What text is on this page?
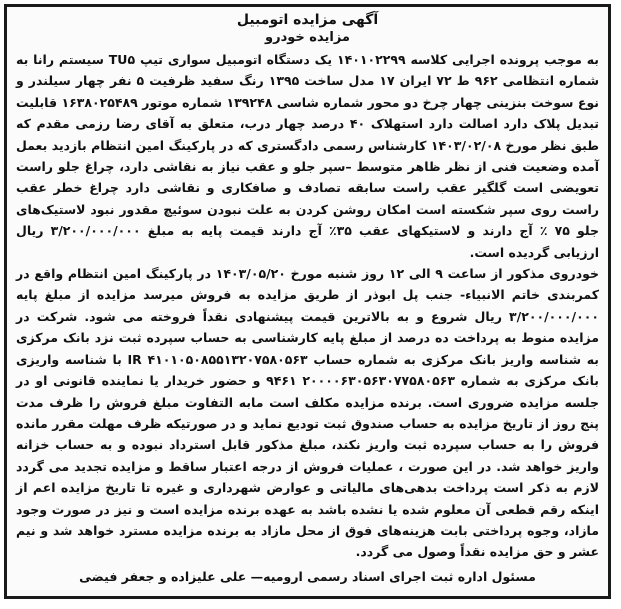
آگهی مزایده اتومبیل
مزایده خودرو

به موجب پرونده اجرایی کلاسه ۱۴۰۱۰۲۲۹۹ یک دستگاه اتومبیل سواری تیپ TU۵ سیستم رانا به شماره انتظامی ۹۶۲ ط ۷۲ ایران ۱۷ مدل ساخت ۱۳۹۵ رنگ سفید ظرفیت ۵ نفر چهار سیلندر و نوع سوخت بنزینی چهار چرخ دو محور شماره شاسی ۱۳۹۲۴۸ شماره موتور ۱۶۳۸۰۲۵۴۸۹ قابلیت تبدیل پلاک دارد اصالت دارد استهلاک ۴۰ درصد چهار درب، متعلق به آقای رضا رزمی مقدم که طبق نظر مورخ ۱۴۰۳/۰۲/۰۸ کارشناس رسمی دادگستری که در پارکینگ امین انتظام بازدید بعمل آمده وضعیت فنی از نظر ظاهر متوسط –سپر جلو و عقب نیاز به نقاشی دارد، چراغ جلو راست تعویضی است گلگیر عقب راست سابقه تصادف و صافکاری و نقاشی دارد چراغ خطر عقب راست روی سپر شکسته است امکان روشن کردن به علت نبودن سوئیچ مقدور نبود لاستیک‌های جلو ۷۵ ٪ آج دارند و لاستیکهای عقب ۳۵٪ آج دارند قیمت پایه به مبلغ ۳/۲۰۰/۰۰۰/۰۰۰ ریال ارزیابی گردیده است.

خودروی مذکور از ساعت ۹ الی ۱۲ روز شنبه مورخ ۱۴۰۳/۰۵/۲۰ در پارکینگ امین انتظام واقع در کمربندی خاتم الانبیاء- جنب پل ابوذر از طریق مزایده به فروش میرسد مزایده از مبلغ پایه ۳/۲۰۰/۰۰۰/۰۰۰ ریال شروع و به بالاترین قیمت پیشنهادی نقداً فروخته می شود. شرکت در مزایده منوط به پرداخت ده درصد از مبلغ پایه کارشناسی به حساب سپرده ثبت نزد بانک مرکزی به شناسه واریز بانک مرکزی به شماره حساب ۴۱۰۱۰۵۰۸۵۵۱۳۲۰۷۵۸۰۵۶۳ IR با شناسه واریزی بانک مرکزی به شماره ۲۰۰۰۰۶۳۰۵۶۳۰۷۷۵۸۰۵۶۳ ۹۴۶۱ و حضور خریدار یا نماینده قانونی او در جلسه مزایده ضروری است. برنده مزایده مکلف است مابه التفاوت مبلغ فروش را ظرف مدت پنج روز از تاریخ مزایده به حساب صندوق ثبت تودیع نماید و در صورتیکه ظرف مهلت مقرر مانده فروش را به حساب سپرده ثبت واریز نکند، مبلغ مذکور قابل استرداد نبوده و به حساب خزانه واریز خواهد شد. در این صورت ، عملیات فروش از درجه اعتبار ساقط و مزایده تجدید می گردد لازم به ذکر است پرداخت بدهی‌های مالیاتی و عوارض شهرداری و غیره تا تاریخ مزایده اعم از اینکه رقم قطعی آن معلوم شده یا نشده باشد به عهده برنده مزایده است و نیز در صورت وجود مازاد، وجوه پرداختی بابت هزینه‌های فوق از محل مازاد به برنده مزایده مسترد خواهد شد و نیم عشر و حق مزایده نقداً وصول می گردد.

مسئول اداره ثبت اجرای اسناد رسمی ارومیه— علی علیزاده و جعفر فیضی
